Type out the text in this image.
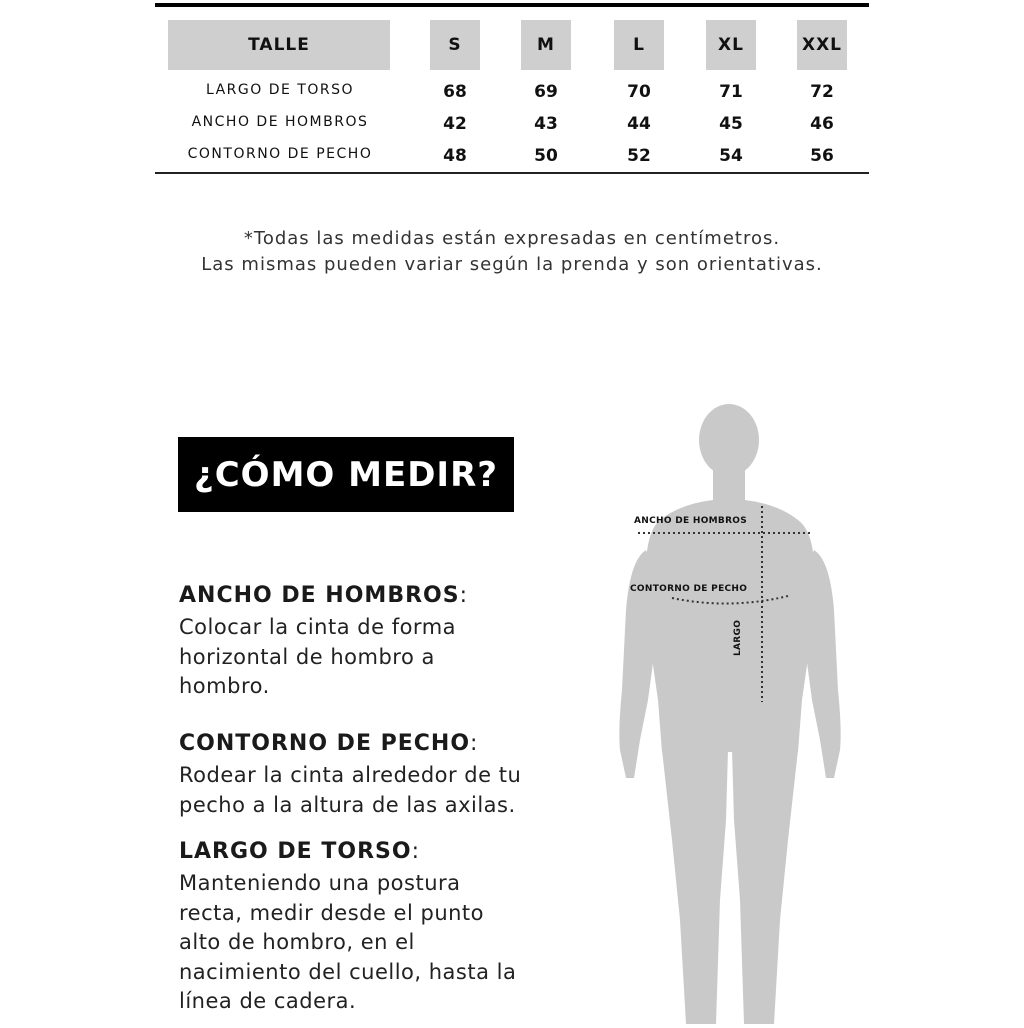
TALLE	S	M	L	XL	XXL
LARGO DE TORSO	68	69	70	71	72
ANCHO DE HOMBROS	42	43	44	45	46
CONTORNO DE PECHO	48	50	52	54	56
*Todas las medidas están expresadas en centímetros.
Las mismas pueden variar según la prenda y son orientativas.
¿CÓMO MEDIR?
ANCHO DE HOMBROS:
Colocar la cinta de forma
horizontal de hombro a
hombro.
CONTORNO DE PECHO:
Rodear la cinta alrededor de tu
pecho a la altura de las axilas.
LARGO DE TORSO:
Manteniendo una postura
recta, medir desde el punto
alto de hombro, en el
nacimiento del cuello, hasta la
línea de cadera.
ANCHO DE HOMBROS
CONTORNO DE PECHO
LARGO
